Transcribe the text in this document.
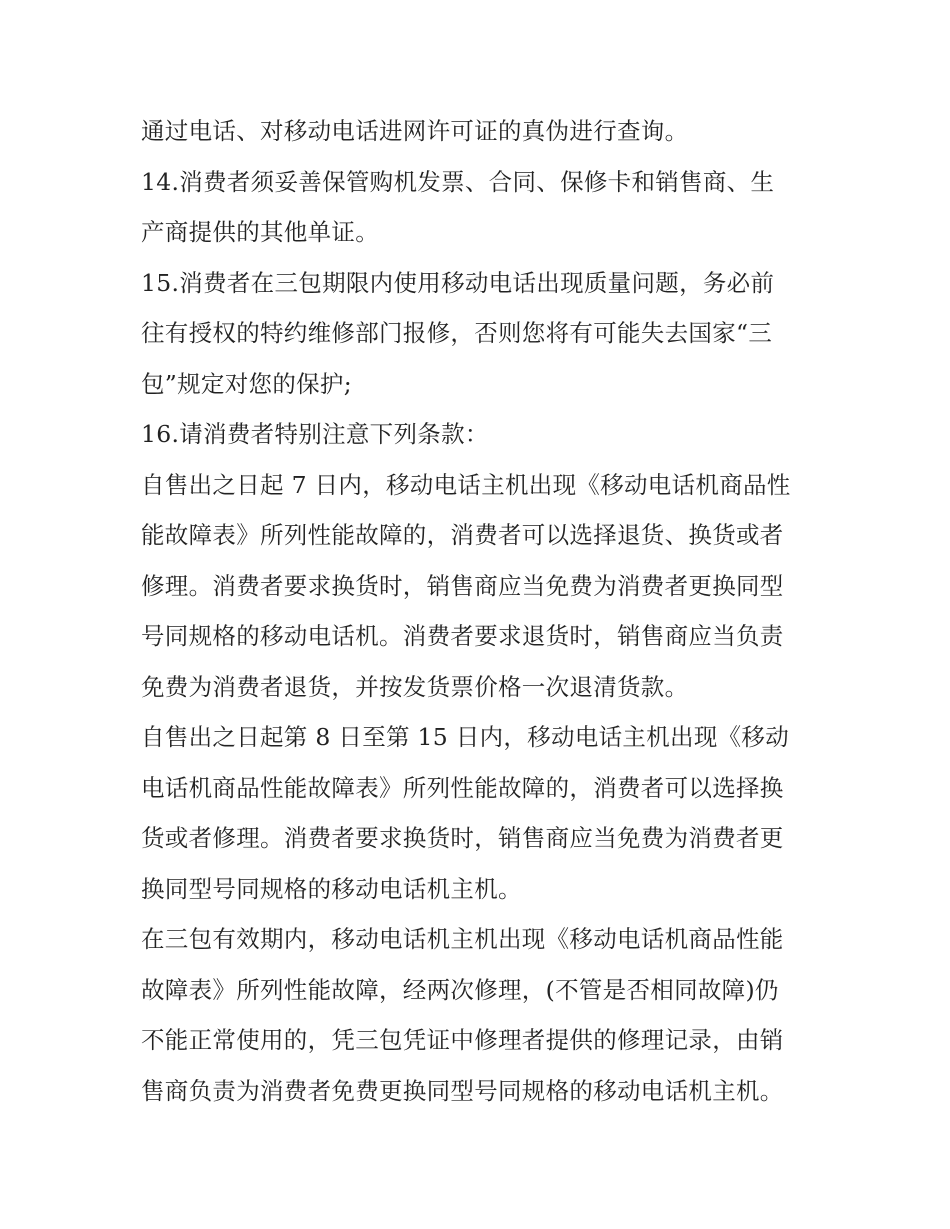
通过电话、对移动电话进网许可证的真伪进行查询。
14.消费者须妥善保管购机发票、合同、保修卡和销售商、生
产商提供的其他单证。
15.消费者在三包期限内使用移动电话出现质量问题，务必前
往有授权的特约维修部门报修，否则您将有可能失去国家“三
包”规定对您的保护;
16.请消费者特别注意下列条款：
自售出之日起 7 日内，移动电话主机出现《移动电话机商品性
能故障表》所列性能故障的，消费者可以选择退货、换货或者
修理。消费者要求换货时，销售商应当免费为消费者更换同型
号同规格的移动电话机。消费者要求退货时，销售商应当负责
免费为消费者退货，并按发货票价格一次退清货款。
自售出之日起第 8 日至第 15 日内，移动电话主机出现《移动
电话机商品性能故障表》所列性能故障的，消费者可以选择换
货或者修理。消费者要求换货时，销售商应当免费为消费者更
换同型号同规格的移动电话机主机。
在三包有效期内，移动电话机主机出现《移动电话机商品性能
故障表》所列性能故障，经两次修理，(不管是否相同故障)仍
不能正常使用的，凭三包凭证中修理者提供的修理记录，由销
售商负责为消费者免费更换同型号同规格的移动电话机主机。
